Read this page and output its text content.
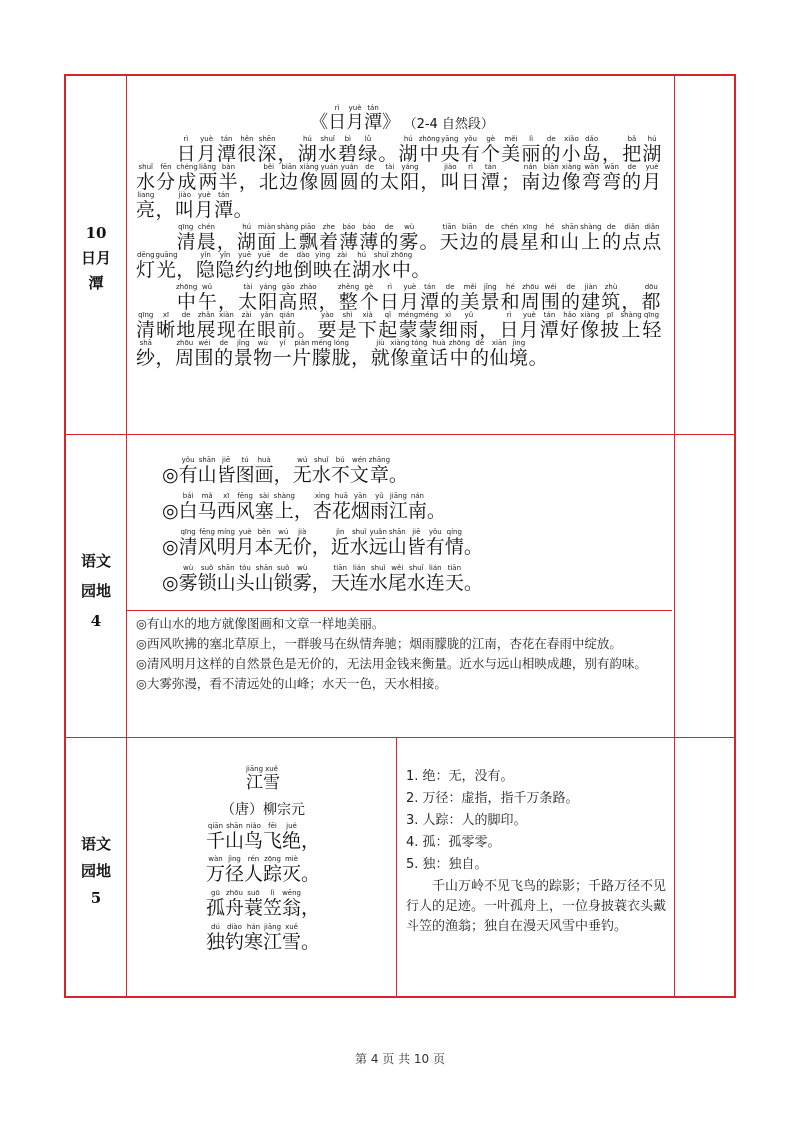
10
日月
潭
语文
园地
4
语文
园地
5
《日rì月yuè潭tán》 （2-4 自然段）
日rì月yuè潭tán很hěn深shēn，湖hú水shuǐ碧bì绿lǜ。湖hú中zhōng央yāng有yǒu个gè美měi丽lì的de小xiǎo岛dǎo，把bǎ湖hú水shuǐ分fēn成chéng两liǎng半bàn，北běi边biān像xiàng圆yuán圆yuán的de太tài阳yáng，叫jiào日rì潭tán；南nán边biān像xiàng弯wān弯wān的de月yuè亮liang，叫jiào月yuè潭tán。
清qīng晨chén，湖hú面miàn上shàng飘piāo着zhe薄báo薄báo的de雾wù。天tiān边biān的de晨chén星xīng和hé山shān上shàng的de点diǎn点diǎn灯dēng光guāng，隐yǐn隐yǐn约yuē约yuē地de倒dào映yìng在zài湖hú水shuǐ中zhōng。
中zhōng午wǔ，太tài阳yáng高gāo照zhào，整zhěng个gè日rì月yuè潭tán的de美měi景jǐng和hé周zhōu围wéi的de建jiàn筑zhù，都dōu清qīng晰xī地de展zhǎn现xiàn在zài眼yǎn前qián。要yào是shì下xià起qǐ蒙méng蒙méng细xì雨yǔ，日rì月yuè潭tán好hǎo像xiàng披pī上shàng轻qīng纱shā，周zhōu围wéi的de景jǐng物wù一yí片piàn朦méng胧lóng，就jiù像xiàng童tóng话huà中zhōng的de仙xiān境jìng。

◎有yǒu山shān皆jiē图tú画huà，无wú水shuǐ不bú文wén章zhāng。

◎白bái马mǎ西xī风fēng塞sài上shàng，杏xìng花huā烟yān雨yǔ江jiāng南nán。

◎清qīng风fēng明míng月yuè本běn无wú价jià，近jìn水shuǐ远yuǎn山shān皆jiē有yǒu情qíng。

◎雾wù锁suǒ山shān头tóu山shān锁suǒ雾wù，天tiān连lián水shuǐ尾wěi水shuǐ连lián天tiān。

◎有山水的地方就像图画和文章一样地美丽。

◎西风吹拂的塞北草原上，一群骏马在纵情奔驰；烟雨朦胧的江南，杏花在春雨中绽放。

◎清风明月这样的自然景色是无价的，无法用金钱来衡量。近水与远山相映成趣，别有韵味。

◎大雾弥漫，看不清远处的山峰；水天一色，天水相接。

江jiāng雪xuě
（唐）柳宗元
千qiān山shān鸟niǎo飞fēi绝jué，
万wàn径jìng人rén踪zōng灭miè。
孤gū舟zhōu蓑suō笠lì翁wēng，
独dú钓diào寒hán江jiāng雪xuě。

1. 绝：无，没有。

2. 万径：虚指，指千万条路。

3. 人踪：人的脚印。

4. 孤：孤零零。

5. 独：独自。

千山万岭不见飞鸟的踪影；千路万径不见行人的足迹。一叶孤舟上，一位身披蓑衣头戴斗笠的渔翁；独自在漫天风雪中垂钓。

第 4 页 共 10 页
